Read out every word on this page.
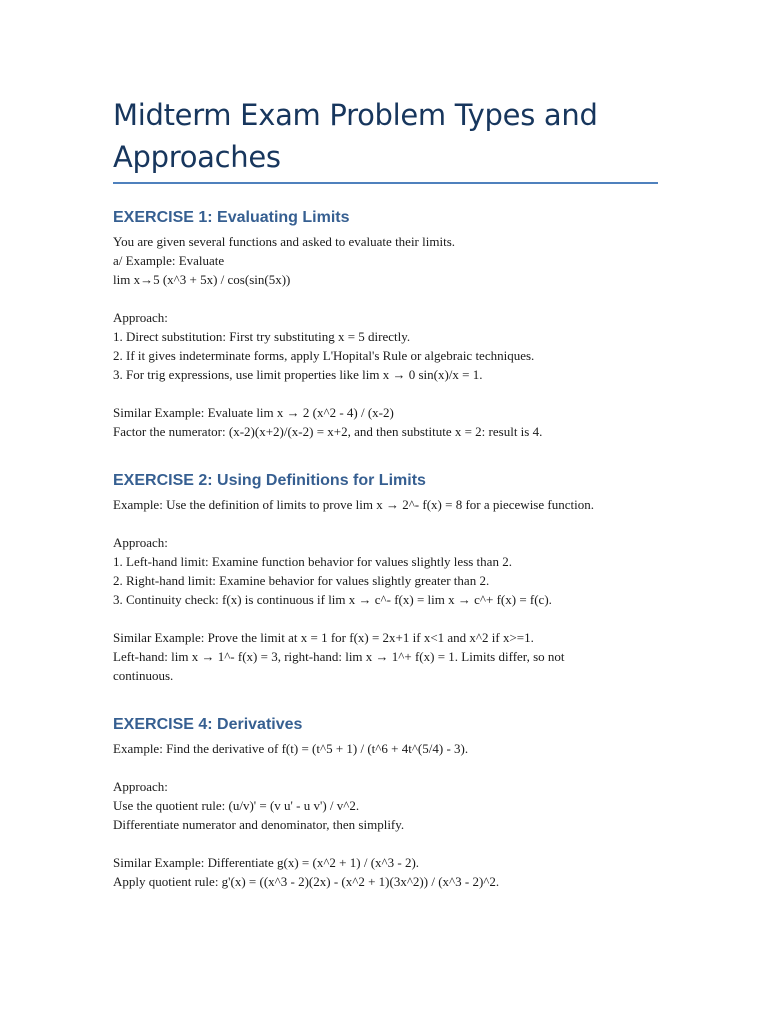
Midterm Exam Problem Types and Approaches
EXERCISE 1: Evaluating Limits

You are given several functions and asked to evaluate their limits.

a/ Example: Evaluate

lim x→5 (x^3 + 5x) / cos(sin(5x))

Approach:

1. Direct substitution: First try substituting x = 5 directly.

2. If it gives indeterminate forms, apply L'Hopital's Rule or algebraic techniques.

3. For trig expressions, use limit properties like lim x → 0 sin(x)/x = 1.

Similar Example: Evaluate lim x → 2 (x^2 - 4) / (x-2)

Factor the numerator: (x-2)(x+2)/(x-2) = x+2, and then substitute x = 2: result is 4.

EXERCISE 2: Using Definitions for Limits

Example: Use the definition of limits to prove lim x → 2^- f(x) = 8 for a piecewise function.

Approach:

1. Left-hand limit: Examine function behavior for values slightly less than 2.

2. Right-hand limit: Examine behavior for values slightly greater than 2.

3. Continuity check: f(x) is continuous if lim x → c^- f(x) = lim x → c^+ f(x) = f(c).

Similar Example: Prove the limit at x = 1 for f(x) = 2x+1 if x<1 and x^2 if x>=1.

Left-hand: lim x → 1^- f(x) = 3, right-hand: lim x → 1^+ f(x) = 1. Limits differ, so not

continuous.

EXERCISE 4: Derivatives

Example: Find the derivative of f(t) = (t^5 + 1) / (t^6 + 4t^(5/4) - 3).

Approach:

Use the quotient rule: (u/v)' = (v u' - u v') / v^2.

Differentiate numerator and denominator, then simplify.

Similar Example: Differentiate g(x) = (x^2 + 1) / (x^3 - 2).

Apply quotient rule: g'(x) = ((x^3 - 2)(2x) - (x^2 + 1)(3x^2)) / (x^3 - 2)^2.
